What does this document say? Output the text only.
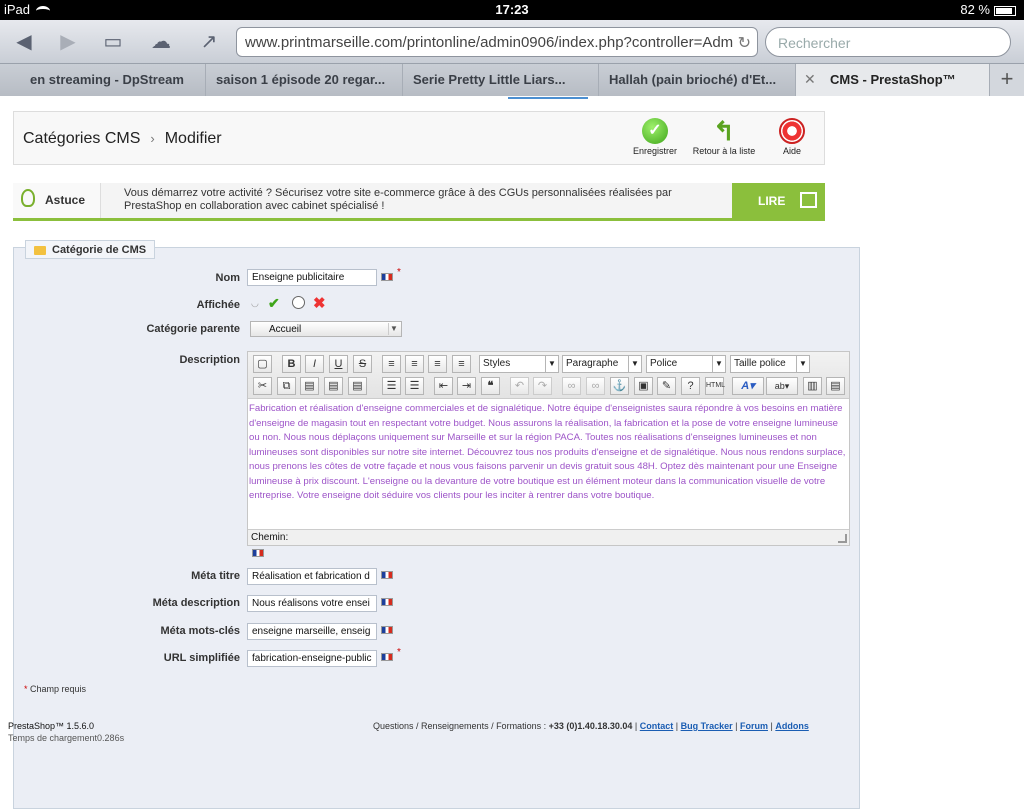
iPad	17:23	82 %
◀	▶	▭ ☁ ↗	www.printmarseille.com/printonline/admin0906/index.php?controller=Adm ↻	Rechercher
en streaming - DpStream	saison 1 épisode 20 regar...	Serie Pretty Little Liars...	Hallah (pain brioché) d'Et...	✕ CMS - PrestaShop™	+
Catégories CMS › Modifier	✓
Enregistrer
↰
Retour à la liste	Aide
Astuce	Vous démarrez votre activité ? Sécurisez votre site e-commerce grâce à des CGUs personnalisées réalisées par PrestaShop en collaboration avec cabinet spécialisé !	LIRE
Catégorie de CMS
Nom	Enseigne publicitaire	*
Affichée ◡ ✔ ✖
Catégorie parente	Accueil	▼
Description	▢	B	I	U	S	≡	≡	≡	≡	Styles	▼	Paragraphe	▼	Police	▼	Taille police	▼
✂	⧉	▤	▤	▤	☰	☰	⇤	⇥	❝	↶	↷	∞	∞	⚓	▣	✎	?	HTML	A▾	ab▾	▥	▤
Fabrication et réalisation d'enseigne commerciales et de signalétique. Notre équipe d'enseignistes saura répondre à vos besoins en matière d'enseigne de magasin tout en respectant votre budget. Nous assurons la réalisation, la fabrication et la pose de votre enseigne lumineuse ou non. Nous nous déplaçons uniquement sur Marseille et sur la région PACA. Toutes nos réalisations d'enseignes lumineuses et non lumineuses sont disponibles sur notre site internet. Découvrez tous nos produits d'enseigne et de signalétique. Nous nous rendons surplace, nous prenons les côtes de votre façade et nous vous faisons parvenir un devis gratuit sous 48H. Optez dès maintenant pour une Enseigne lumineuse à prix discount. L'enseigne ou la devanture de votre boutique est un élément moteur dans la communication visuelle de votre entreprise. Votre enseigne doit séduire vos clients pour les inciter à rentrer dans votre boutique.
Chemin:
Méta titre	Réalisation et fabrication d
Méta description	Nous réalisons votre ensei
Méta mots-clés	enseigne marseille, enseig
URL simplifiée	fabrication-enseigne-public
*
* Champ requis
PrestaShop™ 1.5.6.0
Temps de chargement0.286s
Questions / Renseignements / Formations : +33 (0)1.40.18.30.04 | Contact | Bug Tracker | Forum | Addons
